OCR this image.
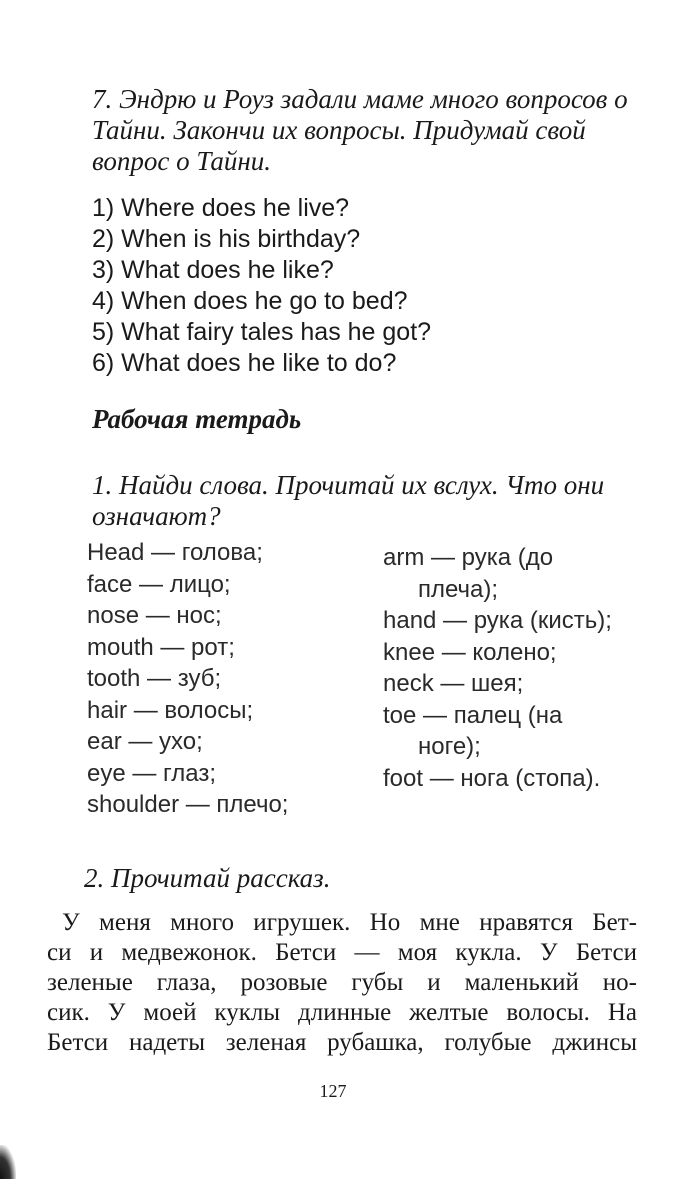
7. Эндрю и Роуз задали маме много вопросов о Тайни. Закончи их вопросы. Придумай свой вопрос о Тайни.

1) Where does he live?
2) When is his birthday?
3) What does he like?
4) When does he go to bed?
5) What fairy tales has he got?
6) What does he like to do?
Рабочая тетрадь

1. Найди слова. Прочитай их вслух. Что они означают?

Head — голова;
face — лицо;
nose — нос;
mouth — рот;
tooth — зуб;
hair — волосы;
ear — ухо;
eye — глаз;
shoulder — плечо;
arm — рука (до
плеча);
hand — рука (кисть);
knee — колено;
neck — шея;
toe — палец (на
ноге);
foot — нога (стопа).

2. Прочитай рассказ.

У меня много игрушек. Но мне нравятся Бет-
си и медвежонок. Бетси — моя кукла. У Бетси
зеленые глаза, розовые губы и маленький но-
сик. У моей куклы длинные желтые волосы. На
Бетси надеты зеленая рубашка, голубые джинсы

127
